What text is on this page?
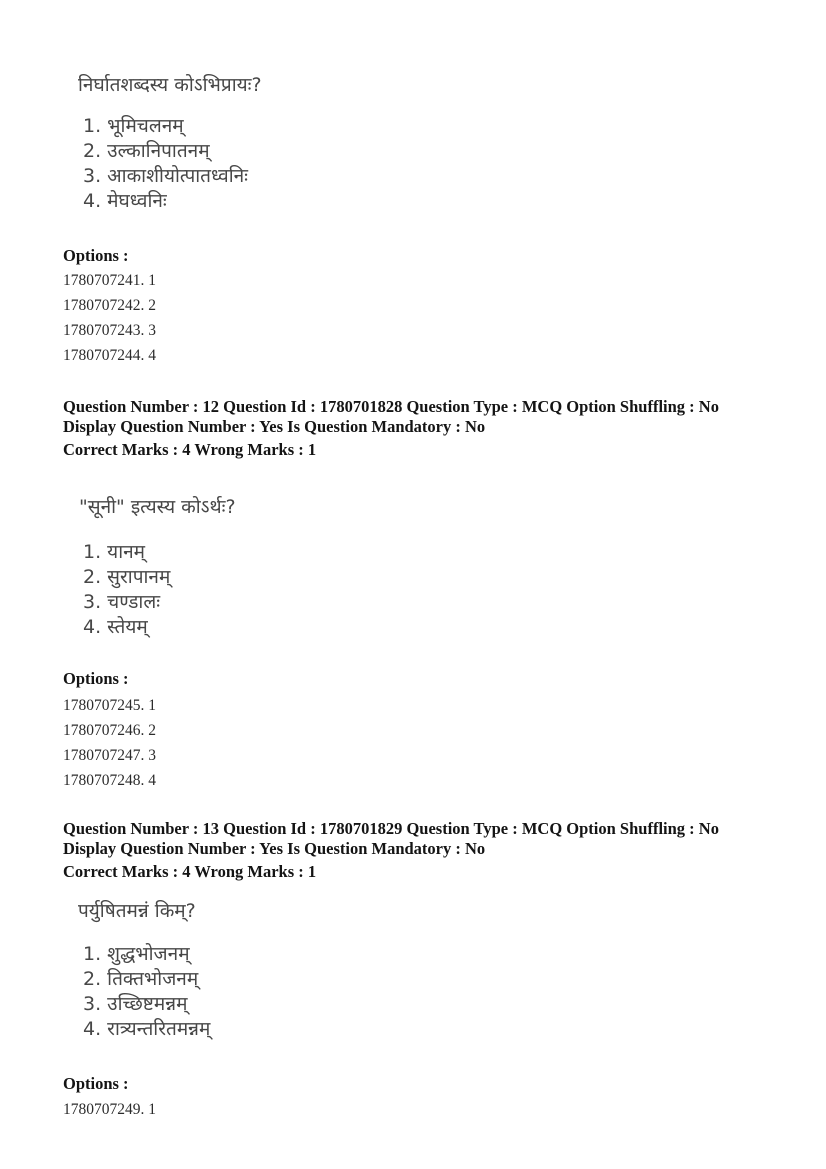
निर्घातशब्दस्य कोऽभिप्रायः?
1. भूमिचलनम्
2. उल्कानिपातनम्
3. आकाशीयोत्पातध्वनिः
4. मेघध्वनिः
Options :
1780707241. 1
1780707242. 2
1780707243. 3
1780707244. 4
Question Number : 12 Question Id : 1780701828 Question Type : MCQ Option Shuffling : No
Display Question Number : Yes Is Question Mandatory : No
Correct Marks : 4 Wrong Marks : 1
"सूनी" इत्यस्य कोऽर्थः?
1. यानम्
2. सुरापानम्
3. चण्डालः
4. स्तेयम्
Options :
1780707245. 1
1780707246. 2
1780707247. 3
1780707248. 4
Question Number : 13 Question Id : 1780701829 Question Type : MCQ Option Shuffling : No
Display Question Number : Yes Is Question Mandatory : No
Correct Marks : 4 Wrong Marks : 1
पर्युषितमन्नं किम्?
1. शुद्धभोजनम्
2. तिक्तभोजनम्
3. उच्छिष्टमन्नम्
4. रात्र्यन्तरितमन्नम्
Options :
1780707249. 1
